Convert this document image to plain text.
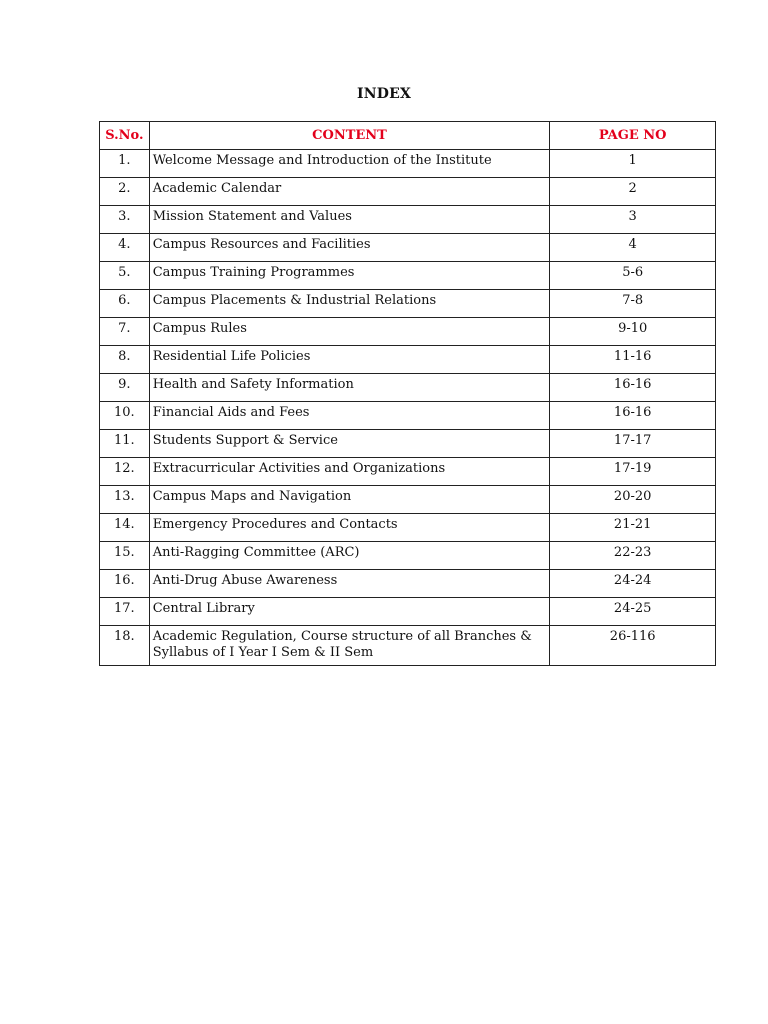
INDEX
S.No.	CONTENT	PAGE NO
1.	Welcome Message and Introduction of the Institute	1
2.	Academic Calendar	2
3.	Mission Statement and Values	3
4.	Campus Resources and Facilities	4
5.	Campus Training Programmes	5-6
6.	Campus Placements & Industrial Relations	7-8
7.	Campus Rules	9-10
8.	Residential Life Policies	11-16
9.	Health and Safety Information	16-16
10.	Financial Aids and Fees	16-16
11.	Students Support & Service	17-17
12.	Extracurricular Activities and Organizations	17-19
13.	Campus Maps and Navigation	20-20
14.	Emergency Procedures and Contacts	21-21
15.	Anti-Ragging Committee (ARC)	22-23
16.	Anti-Drug Abuse Awareness	24-24
17.	Central Library	24-25
18.	Academic Regulation, Course structure of all Branches & Syllabus of I Year I Sem & II Sem	26-116
